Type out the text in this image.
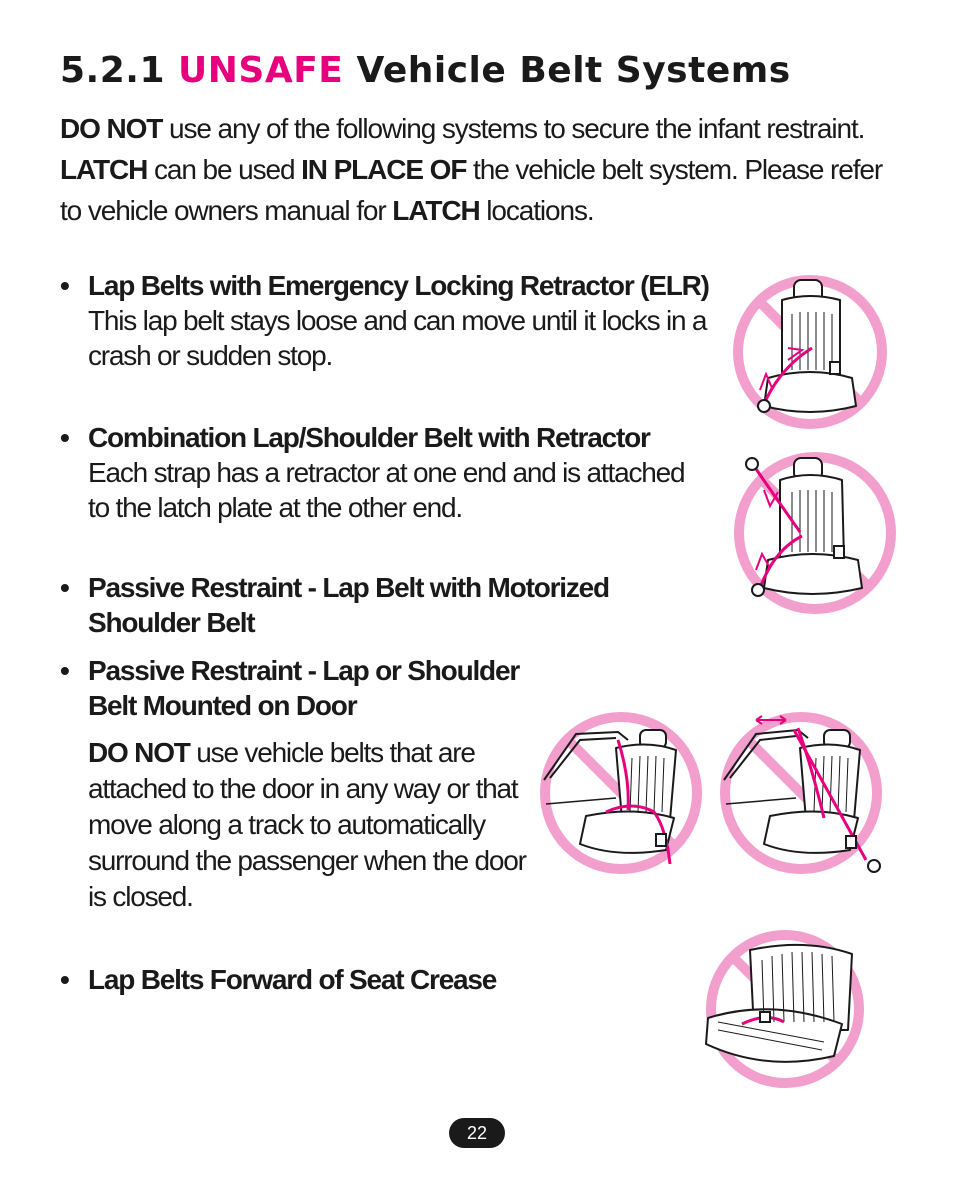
5.2.1 UNSAFE Vehicle Belt Systems
DO NOT use any of the following systems to secure the infant restraint. LATCH can be used IN PLACE OF the vehicle belt system. Please refer to vehicle owners manual for LATCH locations.
• Lap Belts with Emergency Locking Retractor (ELR)
This lap belt stays loose and can move until it locks in a crash or sudden stop.
• Combination Lap/Shoulder Belt with Retractor
Each strap has a retractor at one end and is attached to the latch plate at the other end.
• Passive Restraint - Lap Belt with Motorized Shoulder Belt
• Passive Restraint - Lap or Shoulder Belt Mounted on Door
DO NOT use vehicle belts that are attached to the door in any way or that move along a track to automatically surround the passenger when the door is closed.
• Lap Belts Forward of Seat Crease
22
